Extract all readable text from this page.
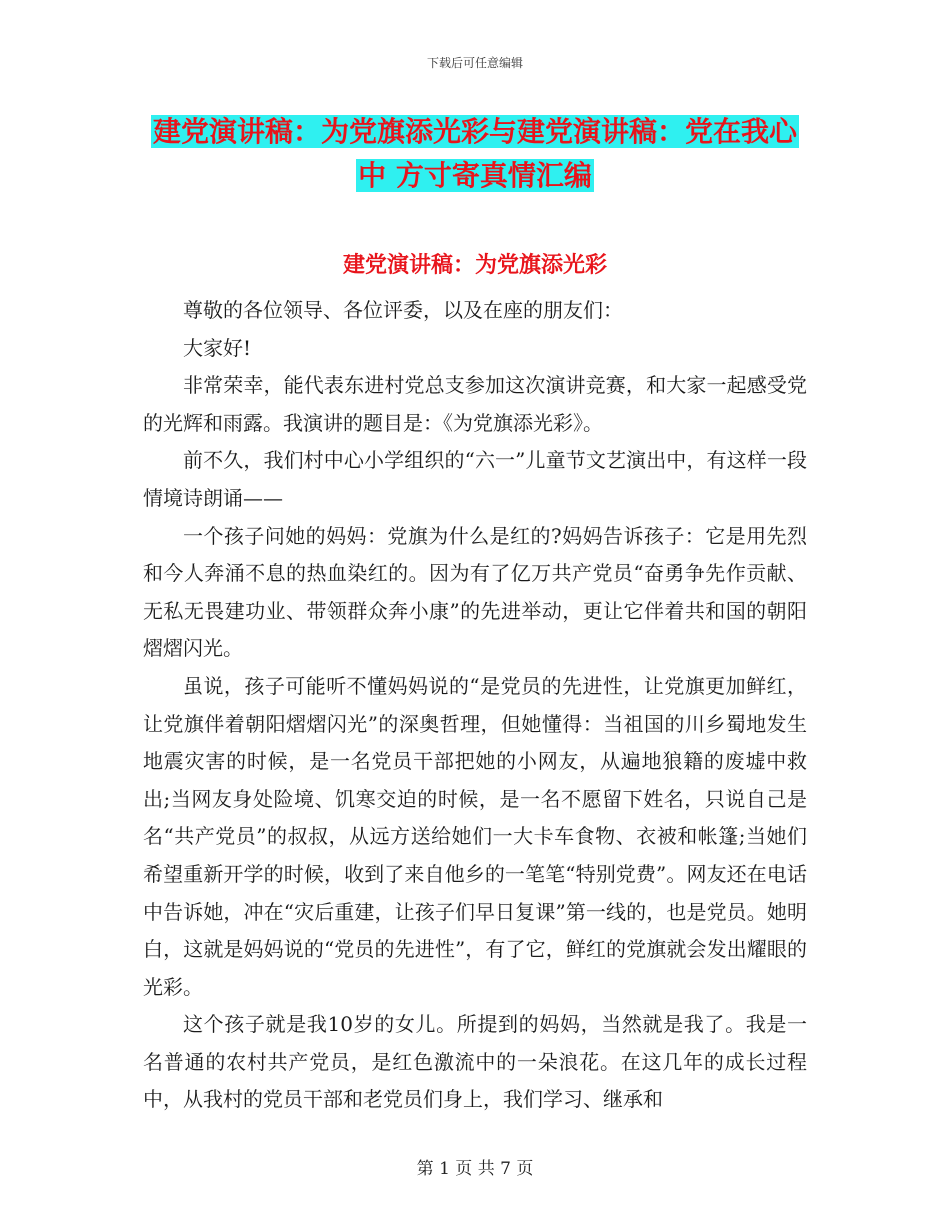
下载后可任意编辑
建党演讲稿：为党旗添光彩与建党演讲稿：党在我心
中 方寸寄真情汇编
建党演讲稿：为党旗添光彩

尊敬的各位领导、各位评委，以及在座的朋友们：

大家好!

非常荣幸，能代表东进村党总支参加这次演讲竞赛，和大家一起感受党的光辉和雨露。我演讲的题目是：《为党旗添光彩》。

前不久，我们村中心小学组织的“六一”儿童节文艺演出中，有这样一段情境诗朗诵——

一个孩子问她的妈妈：党旗为什么是红的?妈妈告诉孩子：它是用先烈和今人奔涌不息的热血染红的。因为有了亿万共产党员“奋勇争先作贡献、无私无畏建功业、带领群众奔小康”的先进举动，更让它伴着共和国的朝阳熠熠闪光。

虽说，孩子可能听不懂妈妈说的“是党员的先进性，让党旗更加鲜红，让党旗伴着朝阳熠熠闪光”的深奥哲理，但她懂得：当祖国的川乡蜀地发生地震灾害的时候，是一名党员干部把她的小网友，从遍地狼籍的废墟中救出;当网友身处险境、饥寒交迫的时候，是一名不愿留下姓名，只说自己是名“共产党员”的叔叔，从远方送给她们一大卡车食物、衣被和帐篷;当她们希望重新开学的时候，收到了来自他乡的一笔笔“特别党费”。网友还在电话中告诉她，冲在“灾后重建，让孩子们早日复课”第一线的，也是党员。她明白，这就是妈妈说的“党员的先进性”，有了它，鲜红的党旗就会发出耀眼的光彩。

这个孩子就是我10岁的女儿。所提到的妈妈，当然就是我了。我是一名普通的农村共产党员，是红色激流中的一朵浪花。在这几年的成长过程中，从我村的党员干部和老党员们身上，我们学习、继承和

第 1 页 共 7 页
